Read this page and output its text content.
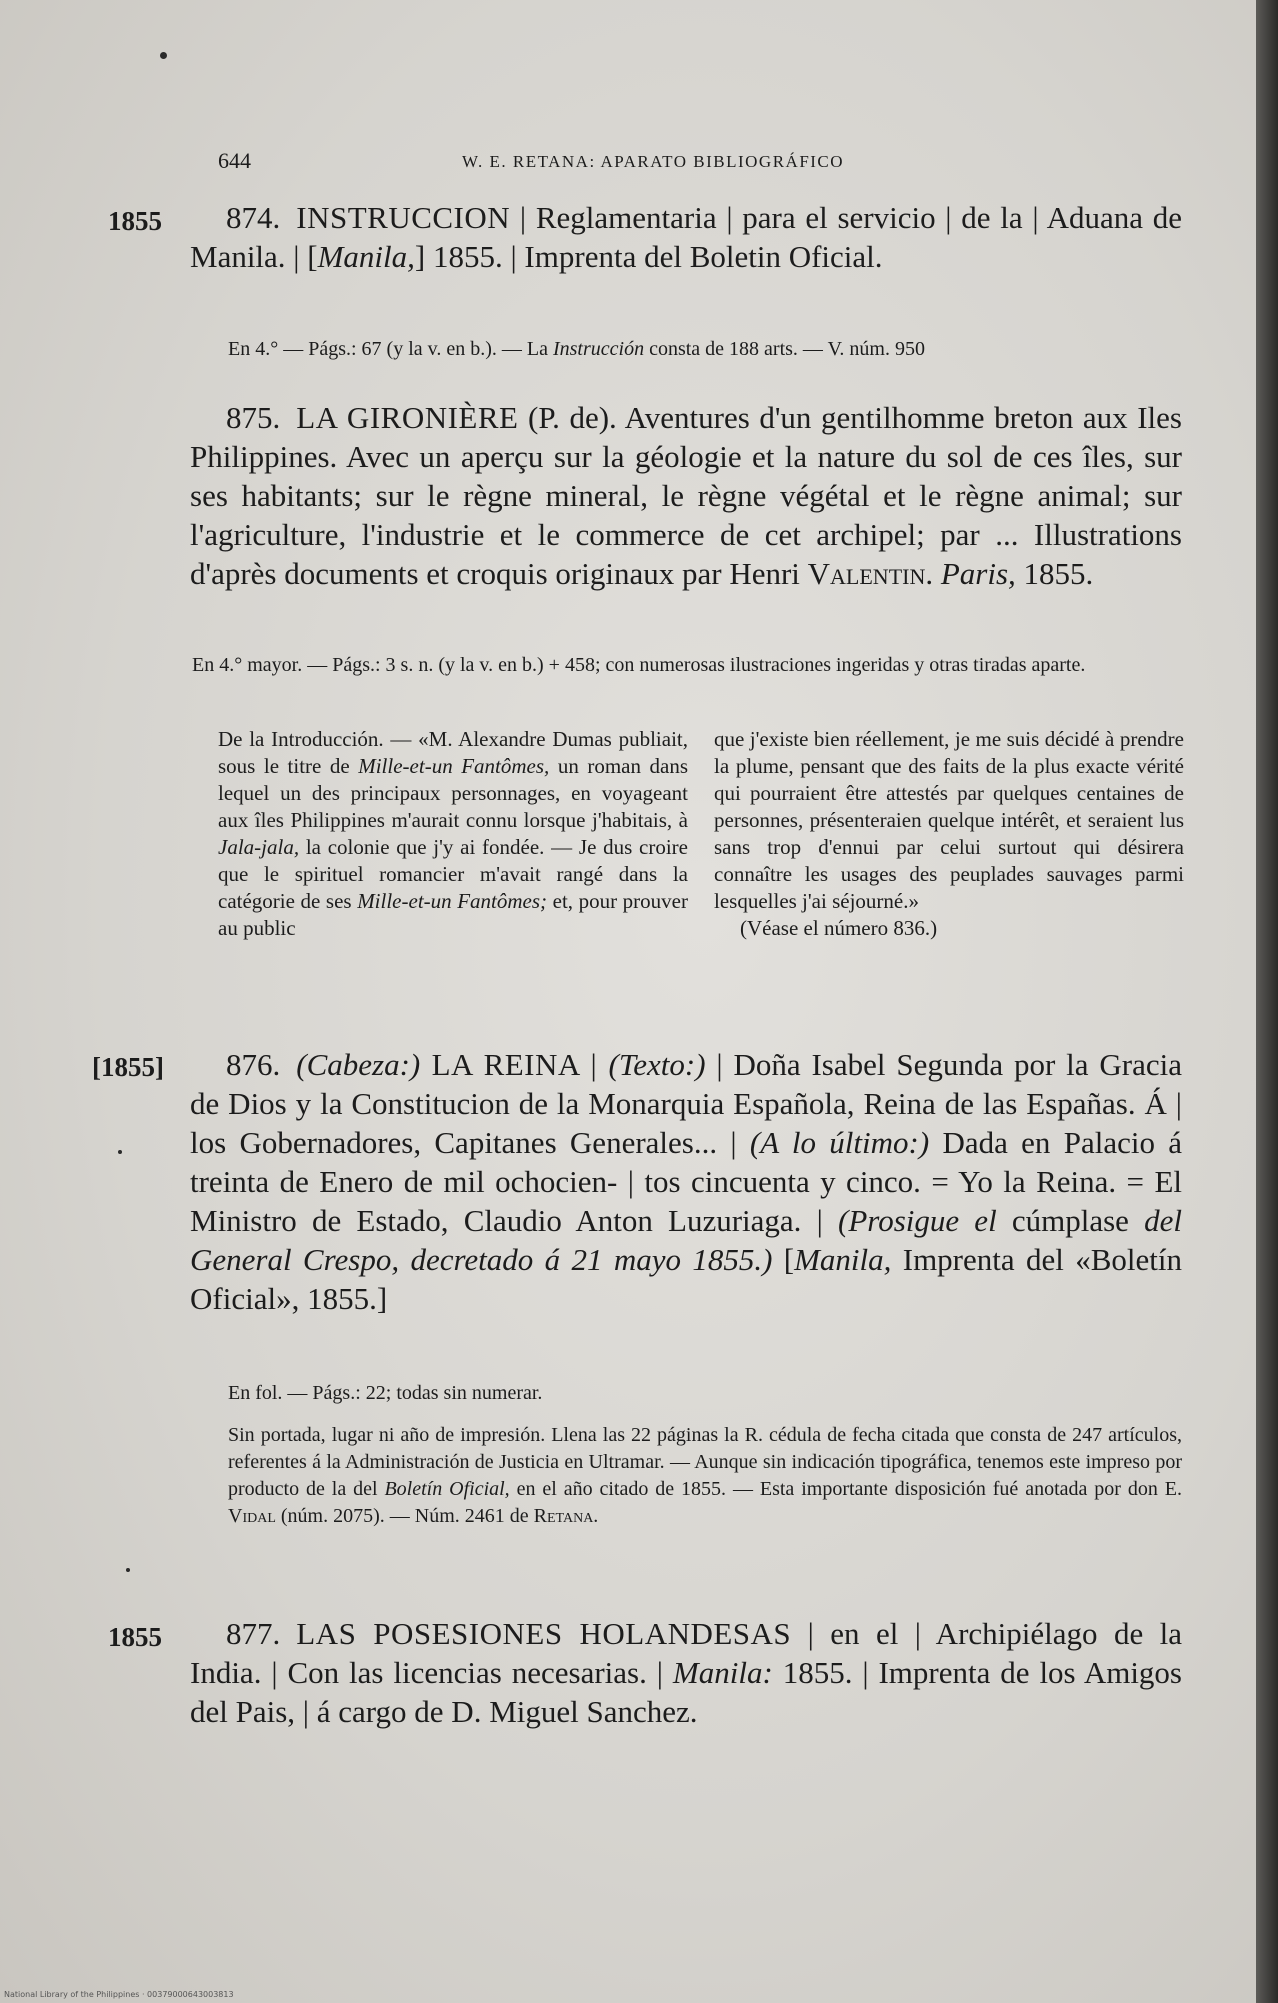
644	W. E. RETANA: APARATO BIBLIOGRÁFICO
1855	874. INSTRUCCION | Reglamentaria | para el servicio | de la | Aduana de Manila. | [Manila,] 1855. | Imprenta del Boletin Oficial.
En 4.° — Págs.: 67 (y la v. en b.). — La Instrucción consta de 188 arts. — V. núm. 950
875. LA GIRONIÈRE (P. de). Aventures d'un gentilhomme breton aux Iles Philippines. Avec un aperçu sur la géologie et la nature du sol de ces îles, sur ses habitants; sur le règne mineral, le règne végétal et le règne animal; sur l'agriculture, l'industrie et le commerce de cet archipel; par ... Illustrations d'après documents et croquis originaux par Henri Valentin. Paris, 1855.
En 4.° mayor. — Págs.: 3 s. n. (y la v. en b.) + 458; con numerosas ilustraciones ingeridas y otras tiradas aparte.
De la Introducción. — «M. Alexandre Dumas publiait, sous le titre de Mille-et-un Fantômes, un roman dans lequel un des principaux personnages, en voyageant aux îles Philippines m'aurait connu lorsque j'habitais, à Jala-jala, la colonie que j'y ai fondée. — Je dus croire que le spirituel romancier m'avait rangé dans la catégorie de ses Mille-et-un Fantômes; et, pour prouver au public
que j'existe bien réellement, je me suis décidé à prendre la plume, pensant que des faits de la plus exacte vérité qui pourraient être attestés par quelques centaines de personnes, présenteraien quelque intérêt, et seraient lus sans trop d'ennui par celui surtout qui désirera connaître les usages des peuplades sauvages parmi lesquelles j'ai séjourné.»
(Véase el número 836.)
[1855]	876. (Cabeza:) LA REINA | (Texto:) | Doña Isabel Segunda por la Gracia de Dios y la Constitucion de la Monarquia Española, Reina de las Españas. Á | los Gobernadores, Capitanes Generales... | (A lo último:) Dada en Palacio á treinta de Enero de mil ochocien- | tos cincuenta y cinco. = Yo la Reina. = El Ministro de Estado, Claudio Anton Luzuriaga. | (Prosigue el cúmplase del General Crespo, decretado á 21 mayo 1855.) [Manila, Imprenta del «Boletín Oficial», 1855.]
En fol. — Págs.: 22; todas sin numerar.
Sin portada, lugar ni año de impresión. Llena las 22 páginas la R. cédula de fecha citada que consta de 247 artículos, referentes á la Administración de Justicia en Ultramar. — Aunque sin indicación tipográfica, tenemos este impreso por producto de la del Boletín Oficial, en el año citado de 1855. — Esta importante disposición fué anotada por don E. Vidal (núm. 2075). — Núm. 2461 de Retana.
1855	877. LAS POSESIONES HOLANDESAS | en el | Archipiélago de la India. | Con las licencias necesarias. | Manila: 1855. | Imprenta de los Amigos del Pais, | á cargo de D. Miguel Sanchez.
National Library of the Philippines · 00379000643003813
